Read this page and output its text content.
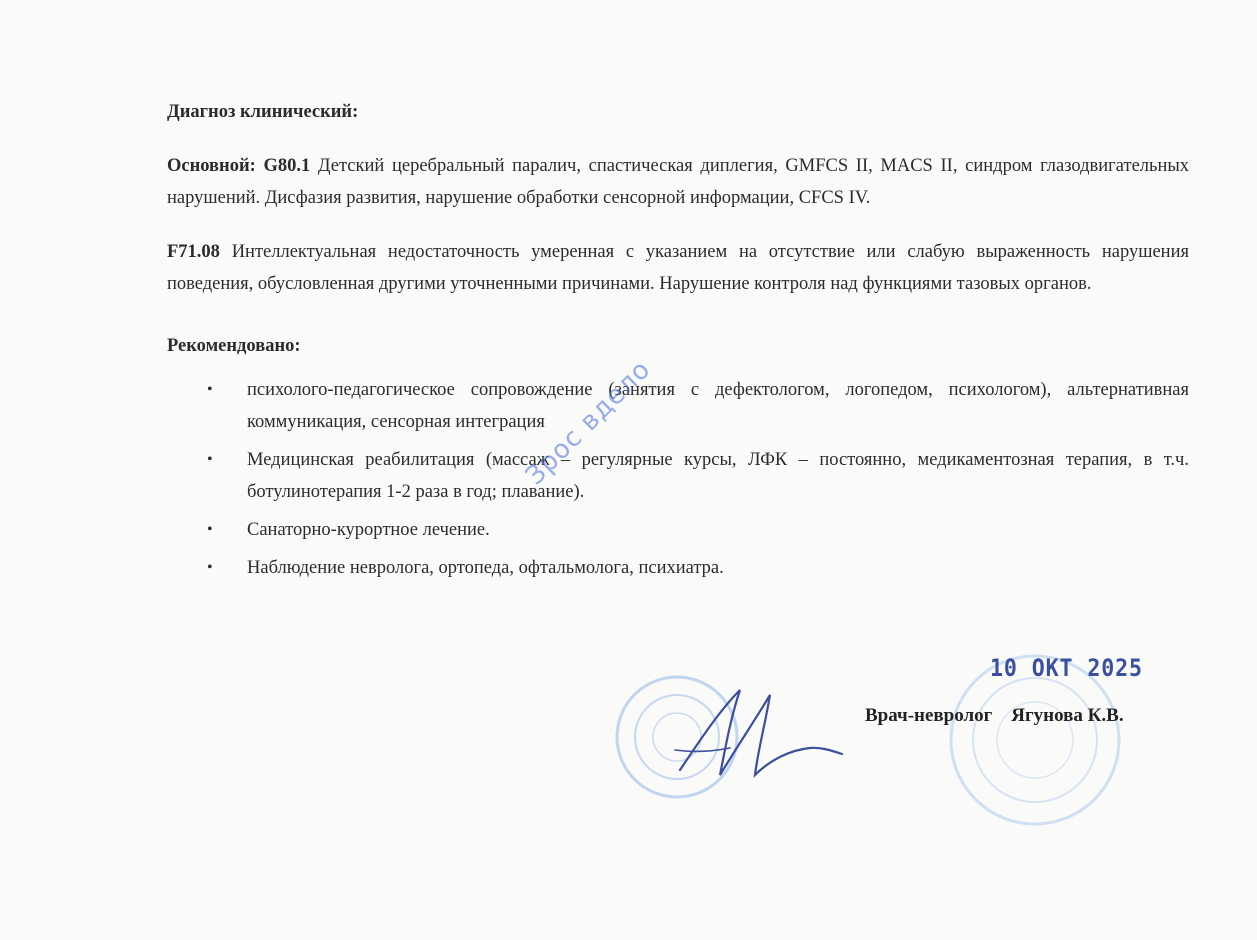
Диагноз клинический:

Основной: G80.1 Детский церебральный паралич, спастическая диплегия, GMFCS II, MACS II, синдром глазодвигательных нарушений. Дисфазия развития, нарушение обработки сенсорной информации, CFCS IV.

F71.08 Интеллектуальная недостаточность умеренная с указанием на отсутствие или слабую выраженность нарушения поведения, обусловленная другими уточненными причинами. Нарушение контроля над функциями тазовых органов.

Рекомендовано:

• психолого-педагогическое сопровождение (занятия с дефектологом, логопедом, психологом), альтернативная коммуникация, сенсорная интеграция
• Медицинская реабилитация (массаж – регулярные курсы, ЛФК – постоянно, медикаментозная терапия, в т.ч. ботулинотерапия 1-2 раза в год; плавание).
• Санаторно-курортное лечение.
• Наблюдение невролога, ортопеда, офтальмолога, психиатра.
10 ОКТ 2025
Врач-невролог Ягунова К.В.
Зрос вдело
